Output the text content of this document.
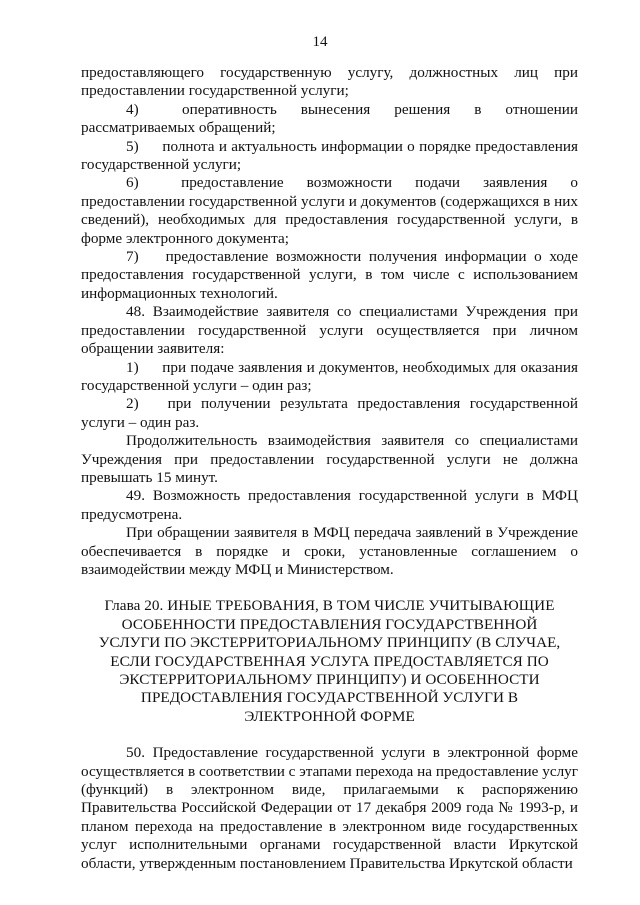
14

предоставляющего государственную услугу, должностных лиц при предоставлении государственной услуги;

4)	оперативность вынесения решения в отношении рассматриваемых обращений;

5) полнота и актуальность информации о порядке предоставления государственной услуги;

6)	предоставление возможности подачи заявления о предоставлении государственной услуги и документов (содержащихся в них сведений), необходимых для предоставления государственной услуги, в форме электронного документа;

7) предоставление возможности получения информации о ходе предоставления государственной услуги, в том числе с использованием информационных технологий.

48. Взаимодействие заявителя со специалистами Учреждения при предоставлении государственной услуги осуществляется при личном обращении заявителя:

1) при подаче заявления и документов, необходимых для оказания государственной услуги – один раз;

2) при получении результата предоставления государственной услуги – один раз.

Продолжительность взаимодействия заявителя со специалистами Учреждения при предоставлении государственной услуги не должна превышать 15 минут.

49. Возможность предоставления государственной услуги в МФЦ предусмотрена.

При обращении заявителя в МФЦ передача заявлений в Учреждение обеспечивается в порядке и сроки, установленные соглашением о взаимодействии между МФЦ и Министерством.

Глава 20. ИНЫЕ ТРЕБОВАНИЯ, В ТОМ ЧИСЛЕ УЧИТЫВАЮЩИЕ ОСОБЕННОСТИ ПРЕДОСТАВЛЕНИЯ ГОСУДАРСТВЕННОЙ УСЛУГИ ПО ЭКСТЕРРИТОРИАЛЬНОМУ ПРИНЦИПУ (В СЛУЧАЕ, ЕСЛИ ГОСУДАРСТВЕННАЯ УСЛУГА ПРЕДОСТАВЛЯЕТСЯ ПО ЭКСТЕРРИТОРИАЛЬНОМУ ПРИНЦИПУ) И ОСОБЕННОСТИ ПРЕДОСТАВЛЕНИЯ ГОСУДАРСТВЕННОЙ УСЛУГИ В ЭЛЕКТРОННОЙ ФОРМЕ

50. Предоставление государственной услуги в электронной форме осуществляется в соответствии с этапами перехода на предоставление услуг (функций) в электронном виде, прилагаемыми к распоряжению Правительства Российской Федерации от 17 декабря 2009 года № 1993-р, и планом перехода на предоставление в электронном виде государственных услуг исполнительными органами государственной власти Иркутской области, утвержденным постановлением Правительства Иркутской области
